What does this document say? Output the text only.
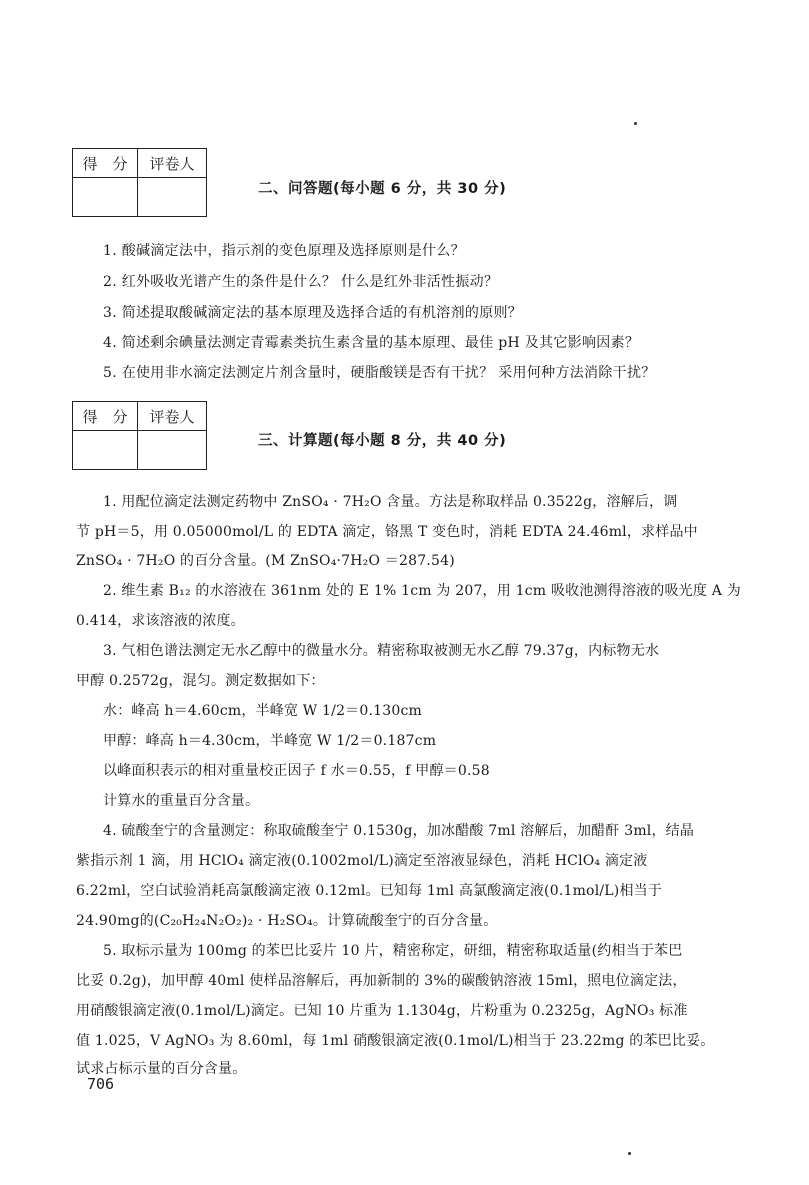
得　分	评卷人

二、问答题(每小题 6 分，共 30 分)
1. 酸碱滴定法中，指示剂的变色原理及选择原则是什么？
2. 红外吸收光谱产生的条件是什么？ 什么是红外非活性振动？
3. 简述提取酸碱滴定法的基本原理及选择合适的有机溶剂的原则？
4. 简述剩余碘量法测定青霉素类抗生素含量的基本原理、最佳 pH 及其它影响因素？
5. 在使用非水滴定法测定片剂含量时，硬脂酸镁是否有干扰？ 采用何种方法消除干扰？
得　分	评卷人

三、计算题(每小题 8 分，共 40 分)
1. 用配位滴定法测定药物中 ZnSO₄ · 7H₂O 含量。方法是称取样品 0.3522g，溶解后，调
节 pH＝5，用 0.05000mol/L 的 EDTA 滴定，铬黑 T 变色时，消耗 EDTA 24.46ml，求样品中
ZnSO₄ · 7H₂O 的百分含量。(M ZnSO₄·7H₂O ＝287.54)
2. 维生素 B₁₂ 的水溶液在 361nm 处的 E 1% 1cm 为 207，用 1cm 吸收池测得溶液的吸光度 A 为
0.414，求该溶液的浓度。
3. 气相色谱法测定无水乙醇中的微量水分。精密称取被测无水乙醇 79.37g，内标物无水
甲醇 0.2572g，混匀。测定数据如下：
水：峰高 h＝4.60cm，半峰宽 W 1/2＝0.130cm
甲醇：峰高 h＝4.30cm，半峰宽 W 1/2＝0.187cm
以峰面积表示的相对重量校正因子 f 水＝0.55，f 甲醇＝0.58
计算水的重量百分含量。
4. 硫酸奎宁的含量测定：称取硫酸奎宁 0.1530g，加冰醋酸 7ml 溶解后，加醋酐 3ml，结晶
紫指示剂 1 滴，用 HClO₄ 滴定液(0.1002mol/L)滴定至溶液显绿色，消耗 HClO₄ 滴定液
6.22ml，空白试验消耗高氯酸滴定液 0.12ml。已知每 1ml 高氯酸滴定液(0.1mol/L)相当于
24.90mg的(C₂₀H₂₄N₂O₂)₂ · H₂SO₄。计算硫酸奎宁的百分含量。
5. 取标示量为 100mg 的苯巴比妥片 10 片，精密称定，研细，精密称取适量(约相当于苯巴
比妥 0.2g)，加甲醇 40ml 使样品溶解后，再加新制的 3%的碳酸钠溶液 15ml，照电位滴定法，
用硝酸银滴定液(0.1mol/L)滴定。已知 10 片重为 1.1304g，片粉重为 0.2325g，AgNO₃ 标准
值 1.025，V AgNO₃ 为 8.60ml，每 1ml 硝酸银滴定液(0.1mol/L)相当于 23.22mg 的苯巴比妥。
试求占标示量的百分含量。
706
